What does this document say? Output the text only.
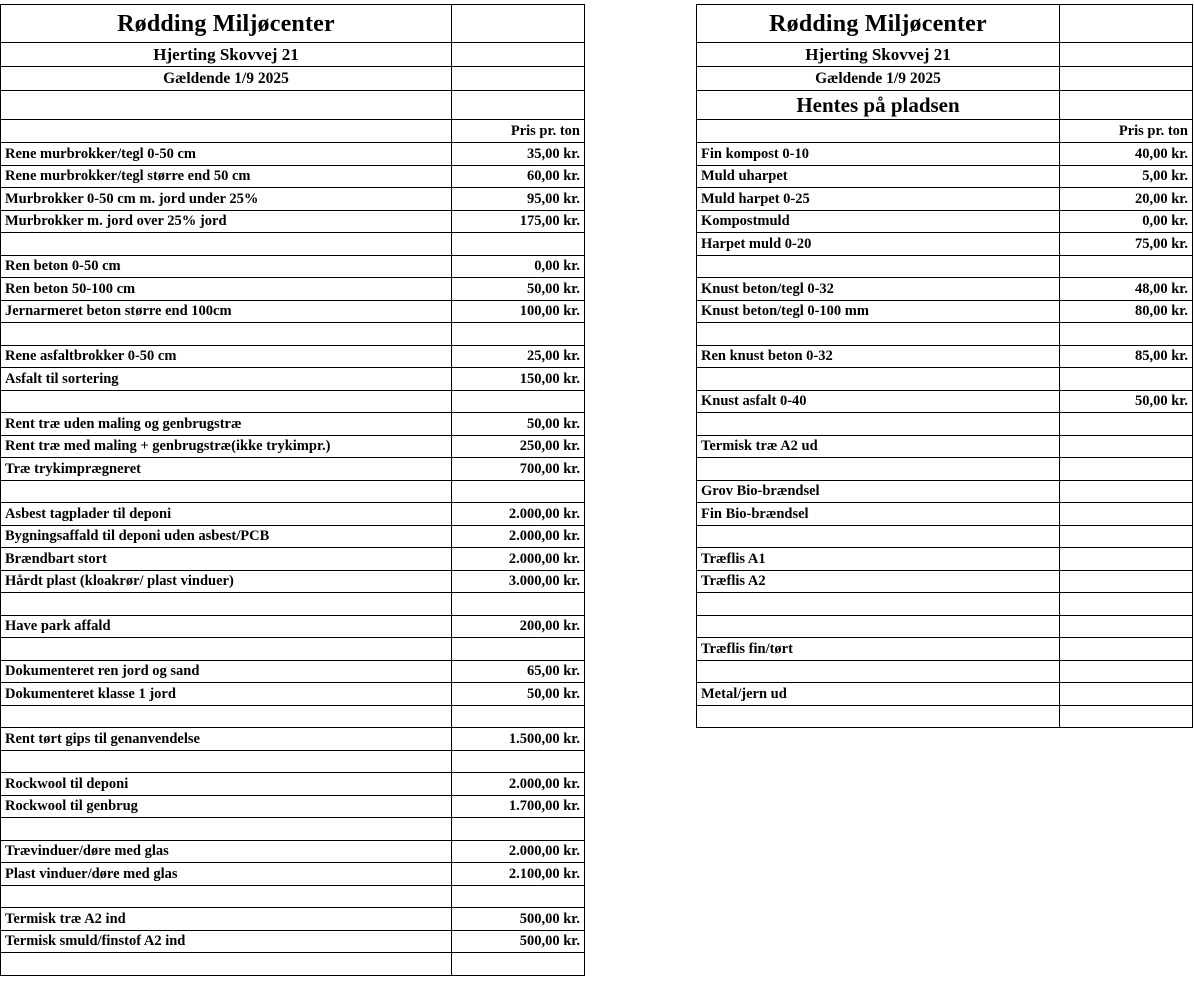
Rødding Miljøcenter	
Hjerting Skovvej 21	
Gældende 1/9 2025	

	Pris pr. ton
Rene murbrokker/tegl 0-50 cm	35,00 kr.
Rene murbrokker/tegl større end 50 cm	60,00 kr.
Murbrokker 0-50 cm m. jord under 25%	95,00 kr.
Murbrokker m. jord over 25% jord	175,00 kr.

Ren beton 0-50 cm	0,00 kr.
Ren beton 50-100 cm	50,00 kr.
Jernarmeret beton større end 100cm	100,00 kr.

Rene asfaltbrokker 0-50 cm	25,00 kr.
Asfalt til sortering	150,00 kr.

Rent træ uden maling og genbrugstræ	50,00 kr.
Rent træ med maling + genbrugstræ(ikke trykimpr.)	250,00 kr.
Træ trykimprægneret	700,00 kr.

Asbest tagplader til deponi	2.000,00 kr.
Bygningsaffald til deponi uden asbest/PCB	2.000,00 kr.
Brændbart stort	2.000,00 kr.
Hårdt plast (kloakrør/ plast vinduer)	3.000,00 kr.

Have park affald	200,00 kr.

Dokumenteret ren jord og sand	65,00 kr.
Dokumenteret klasse 1 jord	50,00 kr.

Rent tørt gips til genanvendelse	1.500,00 kr.

Rockwool til deponi	2.000,00 kr.
Rockwool til genbrug	1.700,00 kr.

Trævinduer/døre med glas	2.000,00 kr.
Plast vinduer/døre med glas	2.100,00 kr.

Termisk træ A2 ind	500,00 kr.
Termisk smuld/finstof A2 ind	500,00 kr.

Rødding Miljøcenter	
Hjerting Skovvej 21	
Gældende 1/9 2025	
Hentes på pladsen	
	Pris pr. ton
Fin kompost 0-10	40,00 kr.
Muld uharpet	5,00 kr.
Muld harpet 0-25	20,00 kr.
Kompostmuld	0,00 kr.
Harpet muld 0-20	75,00 kr.

Knust beton/tegl 0-32	48,00 kr.
Knust beton/tegl 0-100 mm	80,00 kr.

Ren knust beton 0-32	85,00 kr.

Knust asfalt 0-40	50,00 kr.

Termisk træ A2 ud	

Grov Bio-brændsel	
Fin Bio-brændsel	

Træflis A1	
Træflis A2	

Træflis fin/tørt	

Metal/jern ud	
